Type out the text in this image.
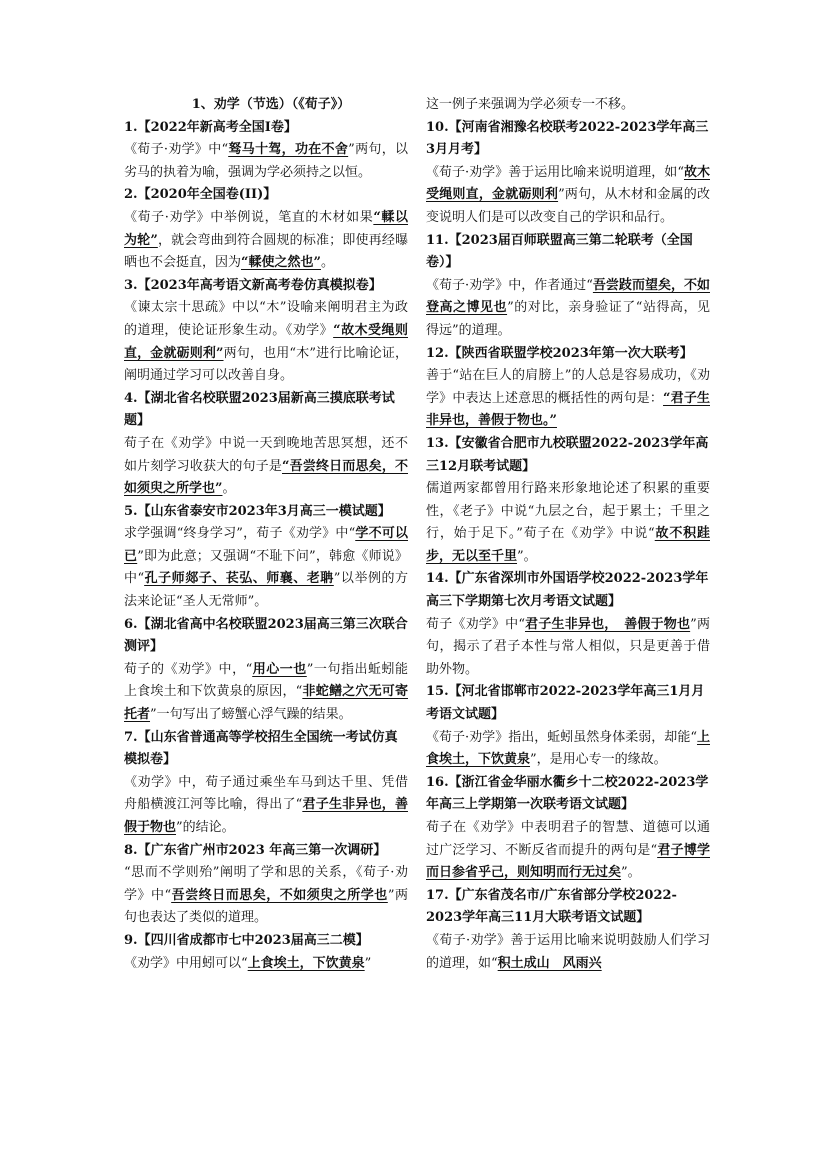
1、劝学（节选）（《荀子》）

1.【2022年新高考全国Ⅰ卷】

《荀子·劝学》中“驽马十驾，功在不舍”两句，以劣马的执着为喻，强调为学必须持之以恒。

2.【2020年全国卷(II)】

《荀子·劝学》中举例说，笔直的木材如果“輮以为轮”，就会弯曲到符合圆规的标准；即使再经曝晒也不会挺直，因为“輮使之然也”。

3.【2023年高考语文新高考卷仿真模拟卷】

《谏太宗十思疏》中以“木”设喻来阐明君主为政的道理，使论证形象生动。《劝学》“故木受绳则直，金就砺则利”两句，也用“木”进行比喻论证，阐明通过学习可以改善自身。

4.【湖北省名校联盟2023届新高三摸底联考试题】

荀子在《劝学》中说一天到晚地苦思冥想，还不如片刻学习收获大的句子是“吾尝终日而思矣，不如须臾之所学也”。

5.【山东省泰安市2023年3月高三一模试题】

求学强调“终身学习”，荀子《劝学》中“学不可以已”即为此意；又强调“不耻下问”，韩愈《师说》中“孔子师郯子、苌弘、师襄、老聃”以举例的方法来论证“圣人无常师”。

6.【湖北省高中名校联盟2023届高三第三次联合测评】

荀子的《劝学》中，“用心一也”一句指出蚯蚓能上食埃土和下饮黄泉的原因，“非蛇鳝之穴无可寄托者”一句写出了螃蟹心浮气躁的结果。

7.【山东省普通高等学校招生全国统一考试仿真模拟卷】

《劝学》中，荀子通过乘坐车马到达千里、凭借舟船横渡江河等比喻，得出了“君子生非异也，善假于物也”的结论。

8.【广东省广州市2023 年高三第一次调研】

“思而不学则殆”阐明了学和思的关系，《荀子·劝学》中“吾尝终日而思矣，不如须臾之所学也”两句也表达了类似的道理。

9.【四川省成都市七中2023届高三二模】

《劝学》中用蚓可以“上食埃土，下饮黄泉”

这一例子来强调为学必须专一不移。

10.【河南省湘豫名校联考2022-2023学年高三3月月考】

《荀子·劝学》善于运用比喻来说明道理，如“故木受绳则直，金就砺则利”两句，从木材和金属的改变说明人们是可以改变自己的学识和品行。

11.【2023届百师联盟高三第二轮联考（全国卷）】

《荀子·劝学》中，作者通过“吾尝跂而望矣，不如登高之博见也”的对比，亲身验证了“站得高，见得远”的道理。

12.【陕西省联盟学校2023年第一次大联考】

善于“站在巨人的肩膀上”的人总是容易成功，《劝学》中表达上述意思的概括性的两句是：“君子生非异也，善假于物也。”

13.【安徽省合肥市九校联盟2022-2023学年高三12月联考试题】

儒道两家都曾用行路来形象地论述了积累的重要性，《老子》中说“九层之台，起于累土；千里之行，始于足下。”荀子在《劝学》中说“故不积跬步，无以至千里”。

14.【广东省深圳市外国语学校2022-2023学年高三下学期第七次月考语文试题】

荀子《劝学》中“君子生非异也，　善假于物也”两句，揭示了君子本性与常人相似，只是更善于借助外物。

15.【河北省邯郸市2022-2023学年高三1月月考语文试题】

《荀子·劝学》指出，蚯蚓虽然身体柔弱，却能“上食埃土，下饮黄泉”，是用心专一的缘故。

16.【浙江省金华丽水衢乡十二校2022-2023学年高三上学期第一次联考语文试题】

荀子在《劝学》中表明君子的智慧、道德可以通过广泛学习、不断反省而提升的两句是“君子博学而日参省乎己，则知明而行无过矣”。

17.【广东省茂名市/广东省部分学校2022-2023学年高三11月大联考语文试题】

《荀子·劝学》善于运用比喻来说明鼓励人们学习的道理，如“积土成山　风雨兴
